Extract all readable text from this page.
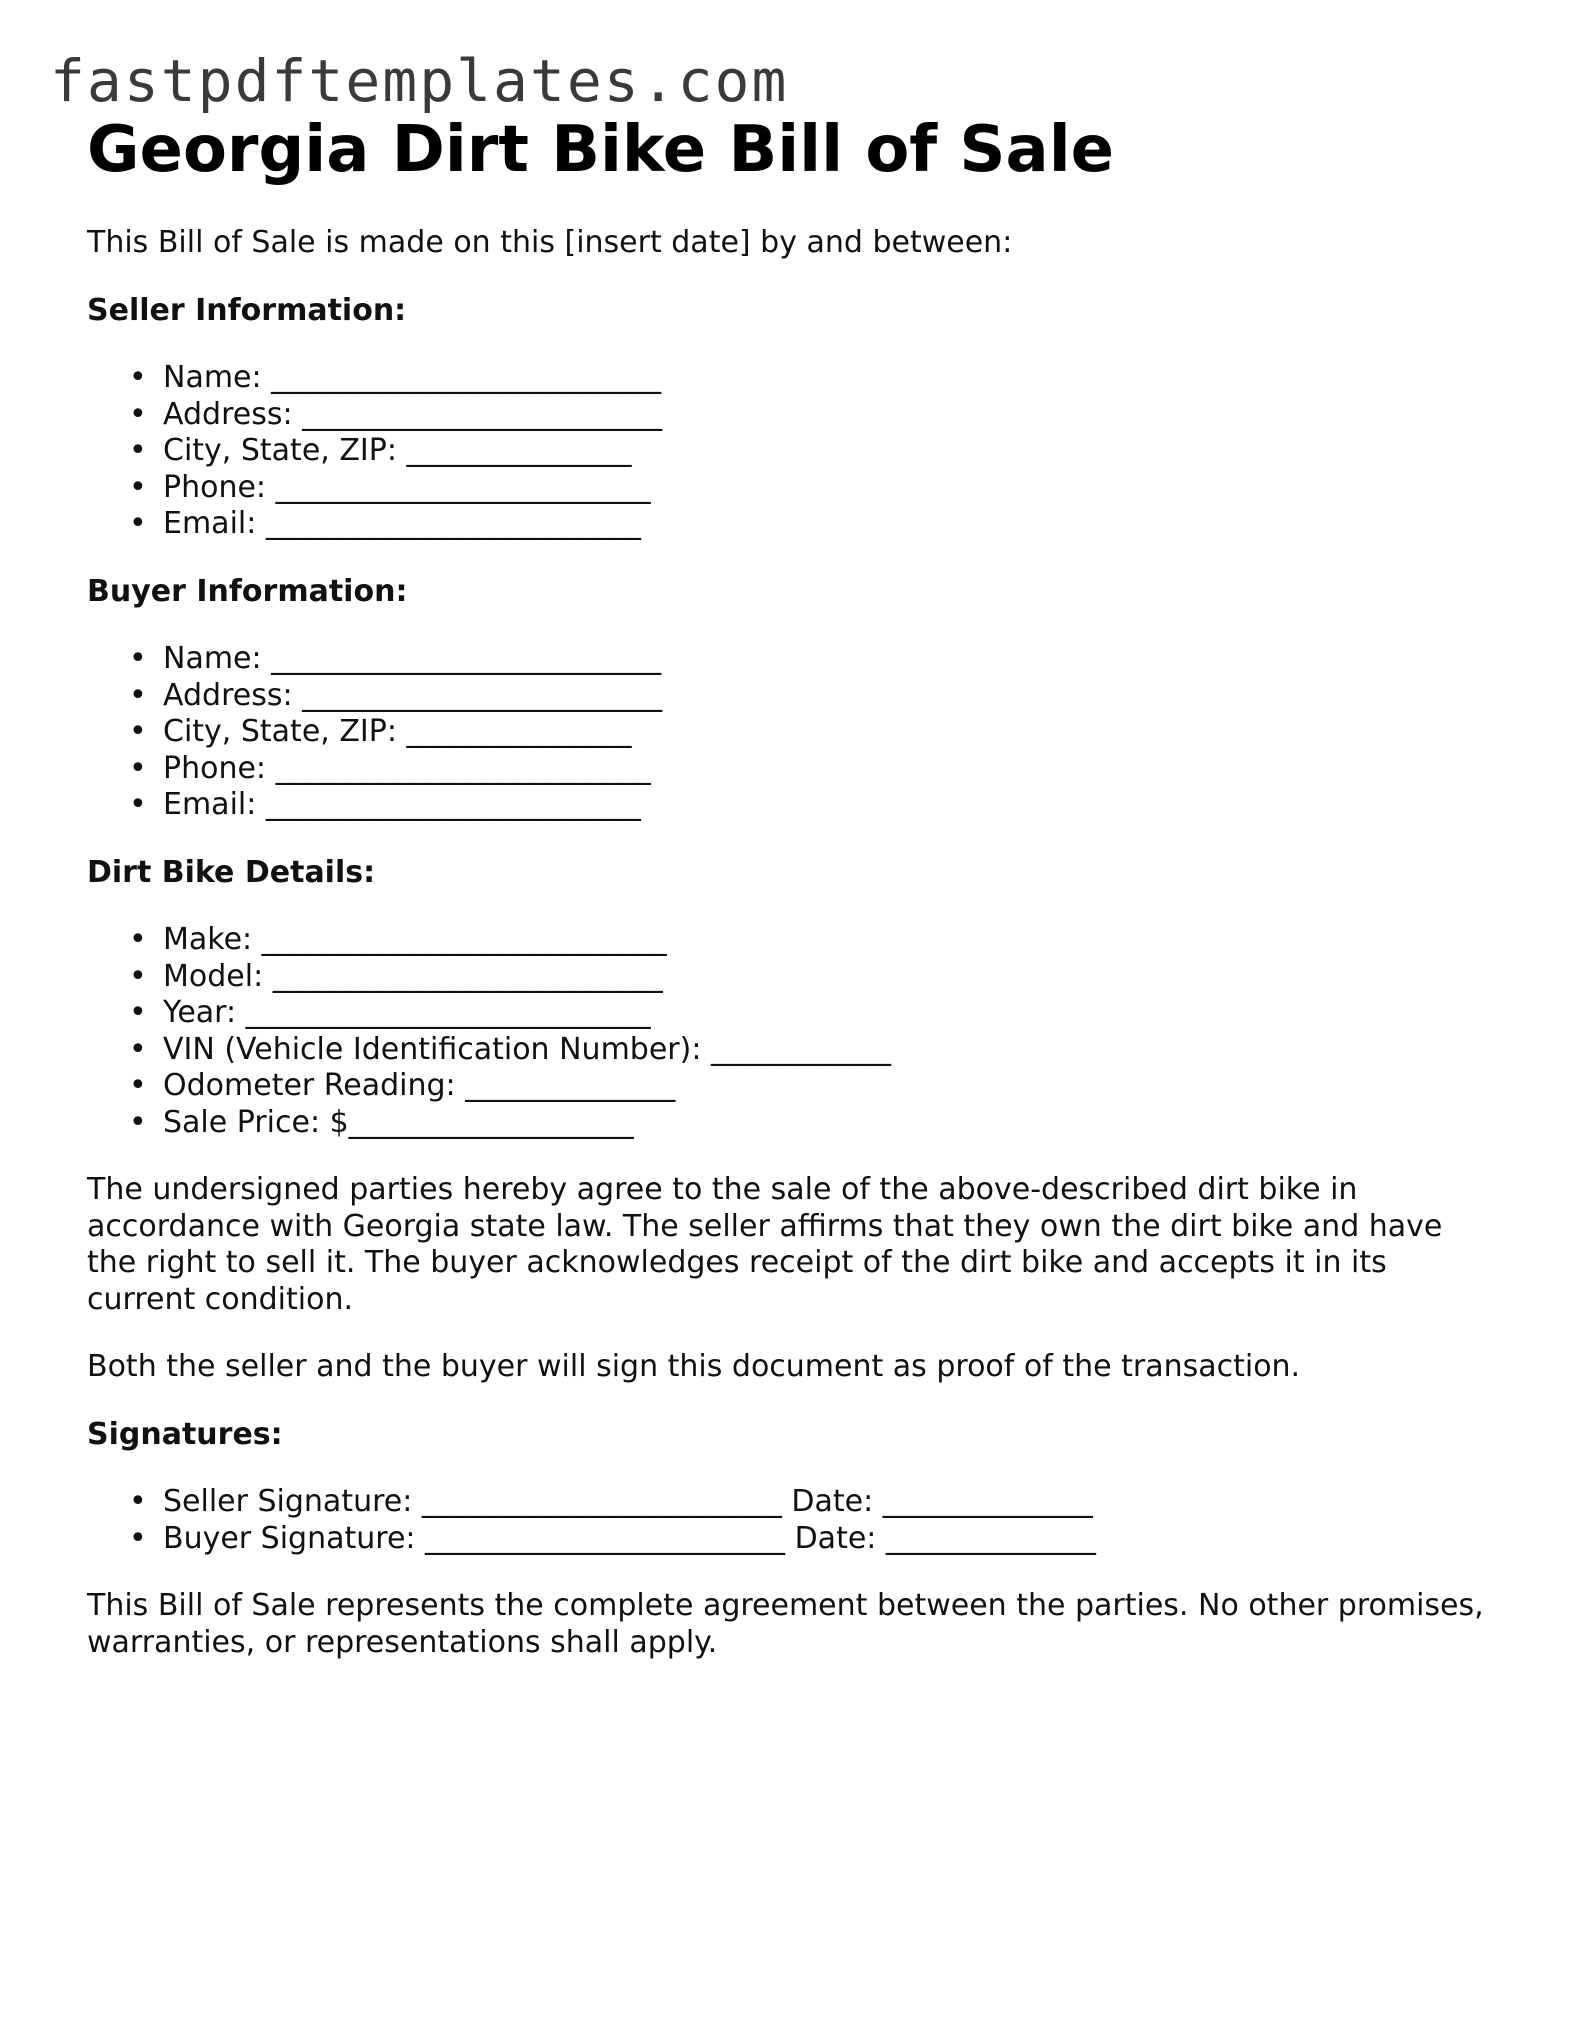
fastpdftemplates.com
Georgia Dirt Bike Bill of Sale

This Bill of Sale is made on this [insert date] by and between:

Seller Information:
• Name: __________________________
• Address: ________________________
• City, State, ZIP: _______________
• Phone: _________________________
• Email: _________________________
Buyer Information:
• Name: __________________________
• Address: ________________________
• City, State, ZIP: _______________
• Phone: _________________________
• Email: _________________________
Dirt Bike Details:
• Make: ___________________________
• Model: __________________________
• Year: ___________________________
• VIN (Vehicle Identification Number): ____________
• Odometer Reading: ______________
• Sale Price: $___________________

The undersigned parties hereby agree to the sale of the above-described dirt bike in accordance with Georgia state law. The seller affirms that they own the dirt bike and have the right to sell it. The buyer acknowledges receipt of the dirt bike and accepts it in its current condition.

Both the seller and the buyer will sign this document as proof of the transaction.

Signatures:
• Seller Signature: ________________________ Date: ______________
• Buyer Signature: ________________________ Date: ______________

This Bill of Sale represents the complete agreement between the parties. No other promises, warranties, or representations shall apply.
